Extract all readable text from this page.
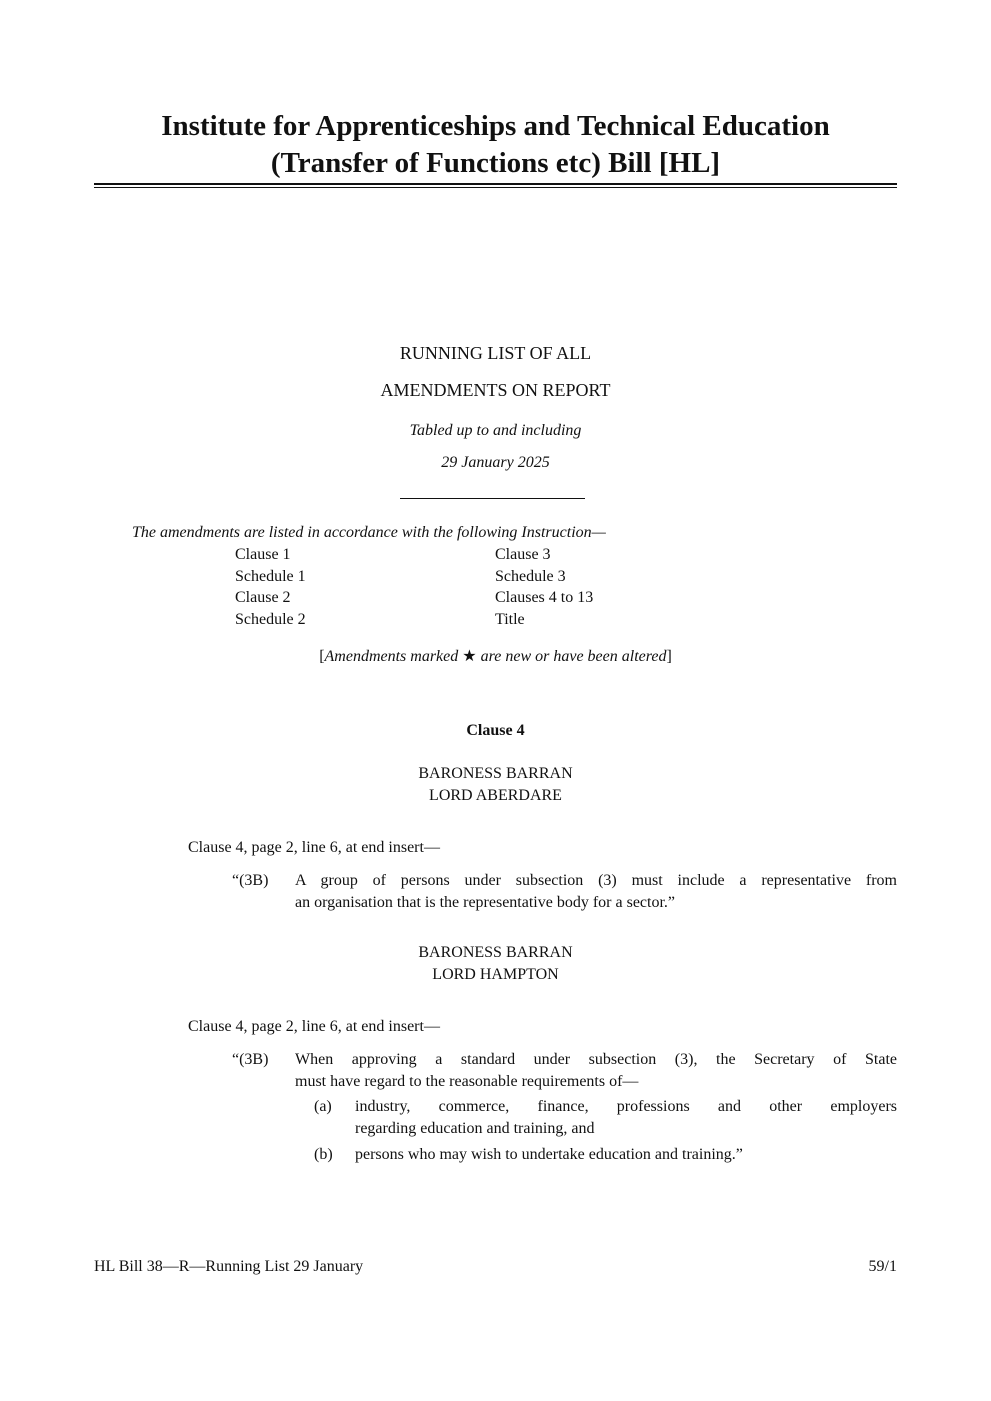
Institute for Apprenticeships and Technical Education
(Transfer of Functions etc) Bill [HL]
RUNNING LIST OF ALL
AMENDMENTS ON REPORT
Tabled up to and including
29 January 2025
The amendments are listed in accordance with the following Instruction—
Clause 1
Schedule 1
Clause 2
Schedule 2
Clause 3
Schedule 3
Clauses 4 to 13
Title
[Amendments marked ★ are new or have been altered]
Clause 4
BARONESS BARRAN
LORD ABERDARE
Clause 4, page 2, line 6, at end insert—
“(3B) A group of persons under subsection (3) must include a representative from
an organisation that is the representative body for a sector.”
BARONESS BARRAN
LORD HAMPTON
Clause 4, page 2, line 6, at end insert—
“(3B) When approving a standard under subsection (3), the Secretary of State
must have regard to the reasonable requirements of—
(a) industry, commerce, finance, professions and other employers
regarding education and training, and
(b) persons who may wish to undertake education and training.”
HL Bill 38—R—Running List 29 January	59/1
